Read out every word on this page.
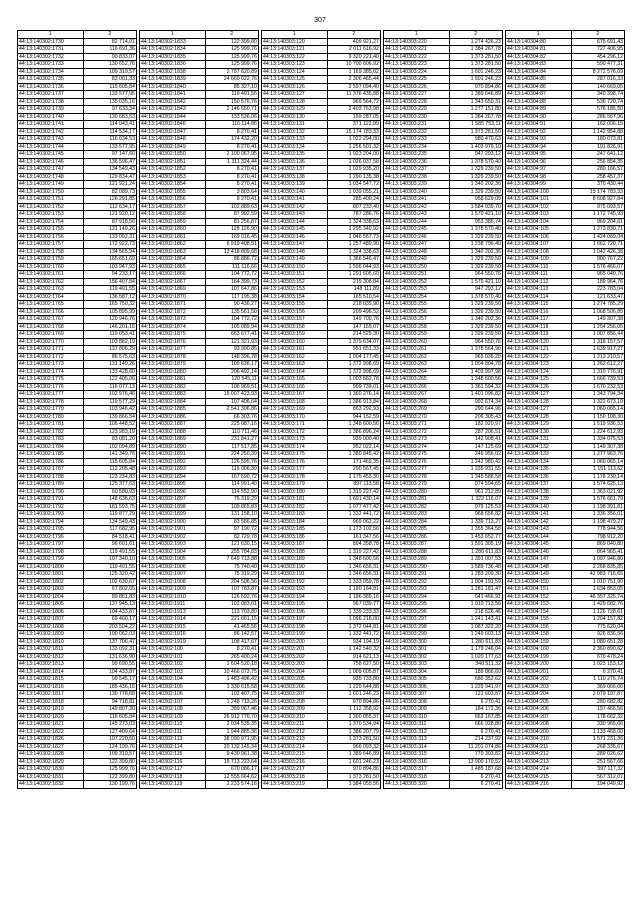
307
1	2		1	2		1	2		1	2		1	2
44:13:140302:1730	82 714,01		44:13:140302:1833	122 399,80		44:13:140303:120	409 921,27		44:13:140303:220	1 274 426,23		44:13:140304:80	675 691,43
44:13:140302:1731	116 691,36		44:13:140302:1834	125 999,76		44:13:140303:121	2 011 616,92		44:13:140303:221	1 384 267,78		44:13:140304:81	727 406,95
44:13:140302:1732	90 833,07		44:13:140302:1835	125 999,76		44:13:140303:122	9 320 221,40		44:13:140303:222	1 373 281,50		44:13:140304:82	454 296,12
44:13:140302:1733	130 652,76		44:13:140302:1836	125 999,76		44:13:140303:123	10 700 606,92		44:13:140303:223	1 373 281,50		44:13:140304:83	590 477,31
44:13:140302:1734	109 319,57		44:13:140302:1838	2 787 620,89		44:13:140303:124	1 169 385,02		44:13:140303:224	1 601 246,23		44:13:140304:84	8 272 576,09
44:13:140302:1735	83 061,33		44:13:140302:1839	24 660 022,76		44:13:140303:125	2 306 465,44		44:13:140303:225	1 601 246,23		44:13:140304:85	287 016,33
44:13:140302:1736	115 605,84		44:13:140302:1840	85 327,10		44:13:140303:126	2 597 094,40		44:13:140303:226	970 894,86		44:13:140304:86	140 669,05
44:13:140302:1737	133 577,95		44:13:140302:1841	119 491,55		44:13:140303:127	11 376 435,88		44:13:140303:227	1 389 646,89		44:13:140304:87	340 398,74
44:13:140302:1738	135 035,16		44:13:140302:1842	150 576,76		44:13:140303:128	969 564,72		44:13:140303:228	1 343 650,31		44:13:140304:88	536 720,74
44:13:140302:1739	97 633,34		44:13:140302:1843	2 146 650,71		44:13:140303:129	2 403 763,98		44:13:140303:229	1 277 151,80		44:13:140304:89	576 186,50
44:13:140302:1740	130 683,53		44:13:140302:1844	133 536,06		44:13:140303:130	159 287,05		44:13:140303:230	1 384 267,78		44:13:140304:90	286 567,96
44:13:140302:1741	114 043,41		44:13:140302:1846	116 114,86		44:13:140303:131	371 122,89		44:13:140303:231	1 585 753,11		44:13:140304:91	162 006,15
44:13:140302:1742	114 534,17		44:13:140302:1847	8 270,41		44:13:140303:132	15 174 783,33		44:13:140303:232	1 373 281,50		44:13:140304:92	1 142 954,88
44:13:140302:1743	116 034,53		44:13:140302:1848	174 432,20		44:13:140303:133	1 022 294,00		44:13:140303:233	980 470,63		44:13:140304:93	180 073,81
44:13:140302:1744	133 577,95		44:13:140302:1849	8 270,41		44:13:140303:134	1 256 501,32		44:13:140303:234	1 403 979,10		44:13:140304:94	191 826,91
44:13:140302:1745	97 147,60		44:13:140302:1850	2 100 067,95		44:13:140303:135	1 023 204,00		44:13:140303:235	947 293,12		44:13:140304:95	247 641,12
44:13:140302:1746	136 596,47		44:13:140302:1851	1 311 324,44		44:13:140303:136	1 026 037,58		44:13:140303:236	1 378 570,40		44:13:140304:96	256 854,35
44:13:140302:1747	134 549,43		44:13:140302:1852	8 270,41		44:13:140303:137	1 029 935,20		44:13:140303:237	1 329 239,50		44:13:140304:97	280 166,57
44:13:140302:1748	129 834,47		44:13:140302:1853	8 270,41		44:13:140303:138	1 290 135,38		44:13:140303:238	1 329 239,50		44:13:140304:98	258 457,37
44:13:140302:1749	121 921,24		44:13:140302:1854	8 270,41		44:13:140303:139	1 034 547,72		44:13:140303:239	1 340 202,36		44:13:140304:99	370 430,44
44:13:140302:1750	82 089,73		44:13:140302:1855	3 803,64		44:13:140303:140	1 039 055,21		44:13:140303:240	1 329 239,50		44:13:140304:100	15 174 783,33
44:13:140302:1751	126 291,85		44:13:140302:1856	8 270,41		44:13:140303:141	285 400,24		44:13:140303:241	958 629,09		44:13:140304:101	8 608 927,84
44:13:140302:1752	112 634,17		44:13:140302:1857	102 889,63		44:13:140303:142	807 233,40		44:13:140303:242	1 584 939,70		44:13:140304:102	975 093,57
44:13:140302:1753	121 920,12		44:13:140302:1858	87 992,59		44:13:140303:143	787 286,76		44:13:140303:243	1 570 421,10		44:13:140304:103	1 172 745,93
44:13:140302:1754	87 918,56		44:13:140302:1859	81 256,87		44:13:140303:144	1 324 338,63		44:13:140303:244	953 386,74		44:13:140304:104	969 204,61
44:13:140302:1755	131 149,26		44:13:140302:1860	128 126,90		44:13:140303:145	1 295 340,92		44:13:140303:245	1 378 570,40		44:13:140304:105	1 273 830,71
44:13:140302:1756	133 092,31		44:13:140302:1861	169 016,45		44:13:140303:146	1 046 557,73		44:13:140303:246	1 329 239,50		44:13:140304:106	1 424 069,04
44:13:140302:1757	172 922,73		44:13:140302:1862	6 919 408,51		44:13:140303:147	1 257 489,90		44:13:140303:247	1 238 796,40		44:13:140304:107	1 662 720,71
44:13:140302:1758	134 565,94		44:13:140302:1863	13 418 809,68		44:13:140303:148	1 324 338,63		44:13:140303:248	1 340 202,36		44:13:140304:108	1 042 426,38
44:13:140302:1759	165 651,69		44:13:140302:1864	86 886,72		44:13:140303:149	1 366 546,47		44:13:140303:249	1 329 239,50		44:13:140304:109	900 767,22
44:13:140302:1760	103 947,93		44:13:140302:1865	111 116,66		44:13:140303:150	1 596 044,93		44:13:140303:250	1 329 239,50		44:13:140304:110	1 576 466,07
44:13:140302:1761	94 233,17		44:13:140302:1866	104 772,72		44:13:140303:151	1 291 605,60		44:13:140303:251	964 550,76		44:13:140304:111	965 040,76
44:13:140302:1762	156 407,84		44:13:140302:1867	164 399,73		44:13:140303:152	219 306,84		44:13:140303:252	1 570 421,10		44:13:140304:112	189 964,76
44:13:140302:1763	119 491,55		44:13:140302:1869	107 647,86		44:13:140303:153	148 111,89		44:13:140303:253	947 293,12		44:13:140304:113	223 783,04
44:13:140302:1764	136 587,12		44:13:140302:1870	117 195,38		44:13:140303:154	165 510,54		44:13:140303:254	1 378 570,40		44:13:140304:114	121 633,47
44:13:140302:1765	165 750,32		44:13:140302:1871	90 436,27		44:13:140303:155	218 035,90		44:13:140303:255	1 329 239,50		44:13:140304:115	1 274 785,29
44:13:140302:1766	105 895,99		44:13:140302:1872	135 561,50		44:13:140303:156	209 496,52		44:13:140303:256	1 329 239,50		44:13:140304:116	1 068 506,85
44:13:140302:1767	120 946,76		44:13:140302:1873	104 772,72		44:13:140303:157	149 700,76		44:13:140303:257	1 340 202,36		44:13:140304:117	149 307,38
44:13:140302:1768	146 201,16		44:13:140302:1874	105 089,94		44:13:140303:158	147 155,07		44:13:140303:258	1 329 239,50		44:13:140304:118	1 254 256,05
44:13:140302:1769	119 053,41		44:13:140302:1875	663 677,41		44:13:140303:159	214 529,30		44:13:140303:259	1 329 239,50		44:13:140304:119	1 007 856,44
44:13:140302:1770	103 882,19		44:13:140302:1876	121 321,93		44:13:140303:160	1 379 634,07		44:13:140303:260	964 550,76		44:13:140304:120	1 318 157,57
44:13:140302:1771	137 806,29		44:13:140302:1877	93 990,85		44:13:140303:161	951 651,33		44:13:140303:261	1 378 564,90		44:13:140304:121	1 639 917,27
44:13:140302:1772	86 575,63		44:13:140302:1878	148 396,78		44:13:140303:162	1 004 177,45		44:13:140303:262	965 036,20		44:13:140304:122	1 213 210,57
44:13:140302:1773	131 149,26		44:13:140302:1879	109 636,17		44:13:140303:163	1 372 998,69		44:13:140303:263	1 004 804,78		44:13:140304:123	1 262 612,27
44:13:140302:1774	133 428,60		44:13:140302:1880	206 492,14		44:13:140303:164	1 372 998,69		44:13:140303:264	1 403 997,98		44:13:140304:124	1 310 776,91
44:13:140302:1775	122 405,06		44:13:140302:1881	120 545,11		44:13:140303:165	1 003 662,78		44:13:140303:265	1 348 600,56		44:13:140304:125	1 666 739,53
44:13:140302:1776	116 077,13		44:13:140302:1882	106 969,51		44:13:140303:166	999 739,01		44:13:140303:266	1 361 594,32		44:13:140304:126	1 670 232,53
44:13:140302:1777	102 976,46		44:13:140302:1883	15 007 423,93		44:13:140303:167	1 360 276,14		44:13:140303:267	1 401 096,82		44:13:140304:127	1 343 794,34
44:13:140302:1778	119 577,29		44:13:140302:1884	107 406,64		44:13:140303:168	1 386 913,84		44:13:140303:268	992 674,34		44:13:140304:128	1 322 673,10
44:13:140302:1779	103 946,42		44:13:140302:1885	2 541 306,86		44:13:140303:169	863 292,93		44:13:140303:269	290 644,96		44:13:140304:127	1 060 065,14
44:13:140302:1780	139 866,54		44:13:140302:1886	66 303,76		44:13:140303:170	944 152,59		44:13:140303:270	206 305,43		44:13:140304:128	1 150 108,30
44:13:140302:1781	106 448,52		44:13:140302:1887	225 087,16		44:13:140303:171	1 348 600,56		44:13:140303:271	182 920,97		44:13:140304:129	1 519 936,53
44:13:140302:1782	123 983,19		44:13:140302:1888	110 711,46		44:13:140303:172	1 386 896,24		44:13:140303:272	287 206,51		44:13:140304:130	1 224 612,93
44:13:140302:1783	83 081,20		44:13:140302:1889	231 841,27		44:13:140303:173	939 000,40		44:13:140303:273	142 908,41		44:13:140304:131	1 334 075,53
44:13:140302:1784	102 094,89		44:13:140302:1890	117 517,85		44:13:140303:174	952 022,14		44:13:140303:274	147 125,69		44:13:140304:132	1 149 307,38
44:13:140302:1785	141 349,76		44:13:140302:1891	224 250,39		44:13:140303:175	1 380 845,42		44:13:140303:275	246 956,02		44:13:140304:133	1 277 963,76
44:13:140302:1786	115 605,84		44:13:140302:1892	126 595,76		44:13:140303:176	171 469,35		44:13:140303:276	1 242 980,42		44:13:140304:134	1 060 065,14
44:13:140302:1787	112 205,48		44:13:140302:1893	115 006,39		44:13:140303:177	290 567,45		44:13:140303:277	1 335 931,55		44:13:140304:135	1 151 113,62
44:13:140302:1788	123 234,83		44:13:140302:1894	167 590,72		44:13:140303:178	1 175 453,30		44:13:140303:278	1 345 588,58		44:13:140304:136	1 178 230,14
44:13:140302:1789	125 377,63		44:13:140302:1895	114 991,40		44:13:140303:179	897 113,58		44:13:140303:279	974 594,65		44:13:140304:137	1 574 625,13
44:13:140302:1790	60 580,93		44:13:140302:1896	114 552,90		44:13:140303:180	1 319 227,42		44:13:140303:280	961 212,89		44:13:140304:138	1 363 021,92
44:13:140302:1791	148 636,63		44:13:140302:1897	75 319,29		44:13:140303:181	1 691 430,14		44:13:140303:281	1 322 116,07		44:13:140304:139	1 576 661,79
44:13:140302:1792	161 593,75		44:13:140302:1898	109 865,83		44:13:140303:182	1 077 477,42		44:13:140303:282	979 125,53		44:13:140304:140	1 198 391,81
44:13:140302:1793	119 877,29		44:13:140302:1899	131 158,10		44:13:140303:183	1 332 441,72		44:13:140303:283	968 656,82		44:13:140304:141	1 336 356,01
44:13:140302:1794	134 549,43		44:13:140302:1900	83 586,85		44:13:140303:184	969 062,22		44:13:140303:284	1 339 713,27		44:13:140304:142	1 198 479,27
44:13:140302:1795	117 682,95		44:13:140302:1901	97 190,72		44:13:140303:185	1 173 102,56		44:13:140303:285	1 355 364,58		44:13:140304:143	778 944,56
44:13:140302:1796	84 518,41		44:13:140302:1902	82 729,78		44:13:140303:186	161 347,56		44:13:140303:286	1 453 652,77		44:13:140304:144	798 912,20
44:13:140302:1797	96 601,61		44:13:140302:1903	121 630,15		44:13:140303:187	894 358,78		44:13:140303:287	1 591 305,19		44:13:140304:145	869 040,80
44:13:140302:1798	119 491,55		44:13:140302:1904	255 784,83		44:13:140303:188	1 319 227,42		44:13:140303:288	1 280 611,83		44:13:140304:146	864 965,41
44:13:140302:1799	107 340,10		44:13:140302:1905	7 649 713,88		44:13:140303:189	1 348 600,56		44:13:140303:289	1 391 007,53		44:13:140304:147	1 097 946,80
44:13:140302:1800	119 491,55		44:13:140302:1906	75 740,40		44:13:140303:190	1 346 656,31		44:13:140303:290	1 589 736,48		44:13:140304:148	2 268 835,85
44:13:140302:1801	125 320,42		44:13:140302:1907	75 319,29		44:13:140303:191	1 346 656,31		44:13:140303:291	1 283 209,30		44:13:140304:149	42 983 716,65
44:13:140302:1802	102 630,67		44:13:140302:1908	204 506,56		44:13:140303:192	1 333 059,78		44:13:140303:292	1 004 191,59		44:13:140304:150	1 010 751,90
44:13:140302:1803	67 802,65		44:13:140302:1909	107 783,87		44:13:140303:193	1 180 164,81		44:13:140303:293	1 281 181,47		44:13:140304:151	1 634 853,05
44:13:140302:1804	89 861,83		44:13:140302:1910	126 592,76		44:13:140303:194	1 186 389,16		44:13:140303:294	641 466,91		44:13:140304:152	46 357 325,74
44:13:140302:1805	137 945,13		44:13:140302:1911	102 083,61		44:13:140303:195	967 039,77		44:13:140303:295	1 010 713,56		44:13:140304:153	1 429 682,76
44:13:140302:1806	104 433,87		44:13:140302:1913	113 703,80		44:13:140303:196	1 339 233,33		44:13:140303:296	218 626,46		44:13:140304:154	1 126 728,61
44:13:140302:1807	69 460,17		44:13:140302:1914	221 661,15		44:13:140303:197	1 096 218,00		44:13:140303:297	1 241 143,41		44:13:140304:155	1 204 157,82
44:13:140302:1808	203 504,22		44:13:140302:1915	41 465,56		44:13:140303:198	1 372 044,81		44:13:140303:298	1 087 322,20		44:13:140304:156	775 620,04
44:13:140302:1809	100 062,03		44:13:140302:1916	86 142,57		44:13:140303:199	1 332 441,72		44:13:140303:299	1 249 603,13		44:13:140304:158	926 836,56
44:13:140302:1810	137 706,47		44:13:140302:1919	108 417,67		44:13:140303:200	934 194,19		44:13:140303:300	1 280 611,83		44:13:140304:159	1 080 651,28
44:13:140302:1811	133 092,31		44:13:140302:100	8 270,41		44:13:140303:201	1 142 540,32		44:13:140303:301	1 179 246,04		44:13:140304:160	2 360 890,62
44:13:140302:1812	131 636,90		44:13:140302:101	265 400,24		44:13:140303:202	914 621,13		44:13:140303:302	1 020 177,63		44:13:140304:199	670 478,24
44:13:140302:1813	99 690,55		44:13:140302:102	1 604 520,18		44:13:140303:203	758 627,50		44:13:140303:303	340 511,32		44:13:140304:200	1 023 153,12
44:13:140302:1814	104 433,87		44:13:140302:103	10 466 073,75		44:13:140303:204	1 009 605,87		44:13:140303:304	189 866,60		44:13:140304:201	6 270,41
44:13:140302:1815	99 545,17		44:13:140302:104	1 483 496,42		44:13:140303:205	935 733,80		44:13:140303:305	680 352,62		44:13:140304:202	1 110 276,74
44:13:140302:1816	185 436,16		44:13:140302:105	1 330 615,58		44:13:140303:206	1 229 644,88		44:13:140303:306	1 229 941,97		44:13:140304:203	369 066,06
44:13:140302:1817	130 778,68		44:13:140302:106	102 407,75		44:13:140303:207	1 601 246,23		44:13:140303:307	122 603,87		44:13:140304:204	2 079 197,87
44:13:140302:1818	94 718,81		44:13:140302:107	1 248 713,26		44:13:140303:208	970 894,86		44:13:140303:308	6 270,41		44:13:140304:205	280 682,82
44:13:140302:1819	149 807,30		44:13:140302:108	389 967,46		44:13:140303:209	1 112 358,92		44:13:140303:309	184 172,36		44:13:140304:206	197 466,56
44:13:140302:1820	115 605,84		44:13:140302:109	26 912 776,70		44:13:140303:210	1 300 055,37		44:13:140303:310	663 167,85		44:13:140304:207	178 662,32
44:13:140302:1821	145 273,03		44:13:140302:110	2 034 535,35		44:13:140303:211	1 370 534,94		44:13:140303:311	666 928,86		44:13:140304:208	330 965,66
44:13:140302:1822	127 409,64		44:13:140302:111	1 944 885,36		44:13:140303:212	1 386 207,79		44:13:140303:312	6 270,41		44:13:140304:209	1 133 468,00
44:13:140302:1826	107 220,50		44:13:140302:113	38 090 971,95		44:13:140303:213	1 373 281,50		44:13:140303:313	214 237,92		44:13:140304:210	1 571 231,36
44:13:140302:1827	124 199,76		44:13:140302:114	20 132 145,34		44:13:140303:214	966 093,32		44:13:140303:314	11 201 074,86		44:13:140304:211	268 335,67
44:13:140302:1828	109 319,57		44:13:140302:115	9 430 961,38		44:13:140303:215	1 389 646,89		44:13:140303:315	770 303,82		44:13:140304:212	289 026,62
44:13:140302:1829	122 399,80		44:13:140302:116	15 713 223,64		44:13:140303:216	1 601 246,23		44:13:140303:316	13 900 170,52		44:13:140304:213	251 567,66
44:13:140302:1830	125 999,76		44:13:140302:117	670 086,17		44:13:140303:217	970 894,86		44:13:140303:317	1 485 187,68		44:13:140304:214	597 117,32
44:13:140302:1831	122 399,80		44:13:140302:118	12 555 664,62		44:13:140303:218	1 373 281,50		44:13:140303:318	6 270,41		44:13:140304:215	567 312,07
44:13:140302:1832	130 199,76		44:13:140302:119	2 233 574,16		44:13:140303:219	1 384 055,56		44:13:140303:320	6 270,41		44:13:140304:216	194 049,92
